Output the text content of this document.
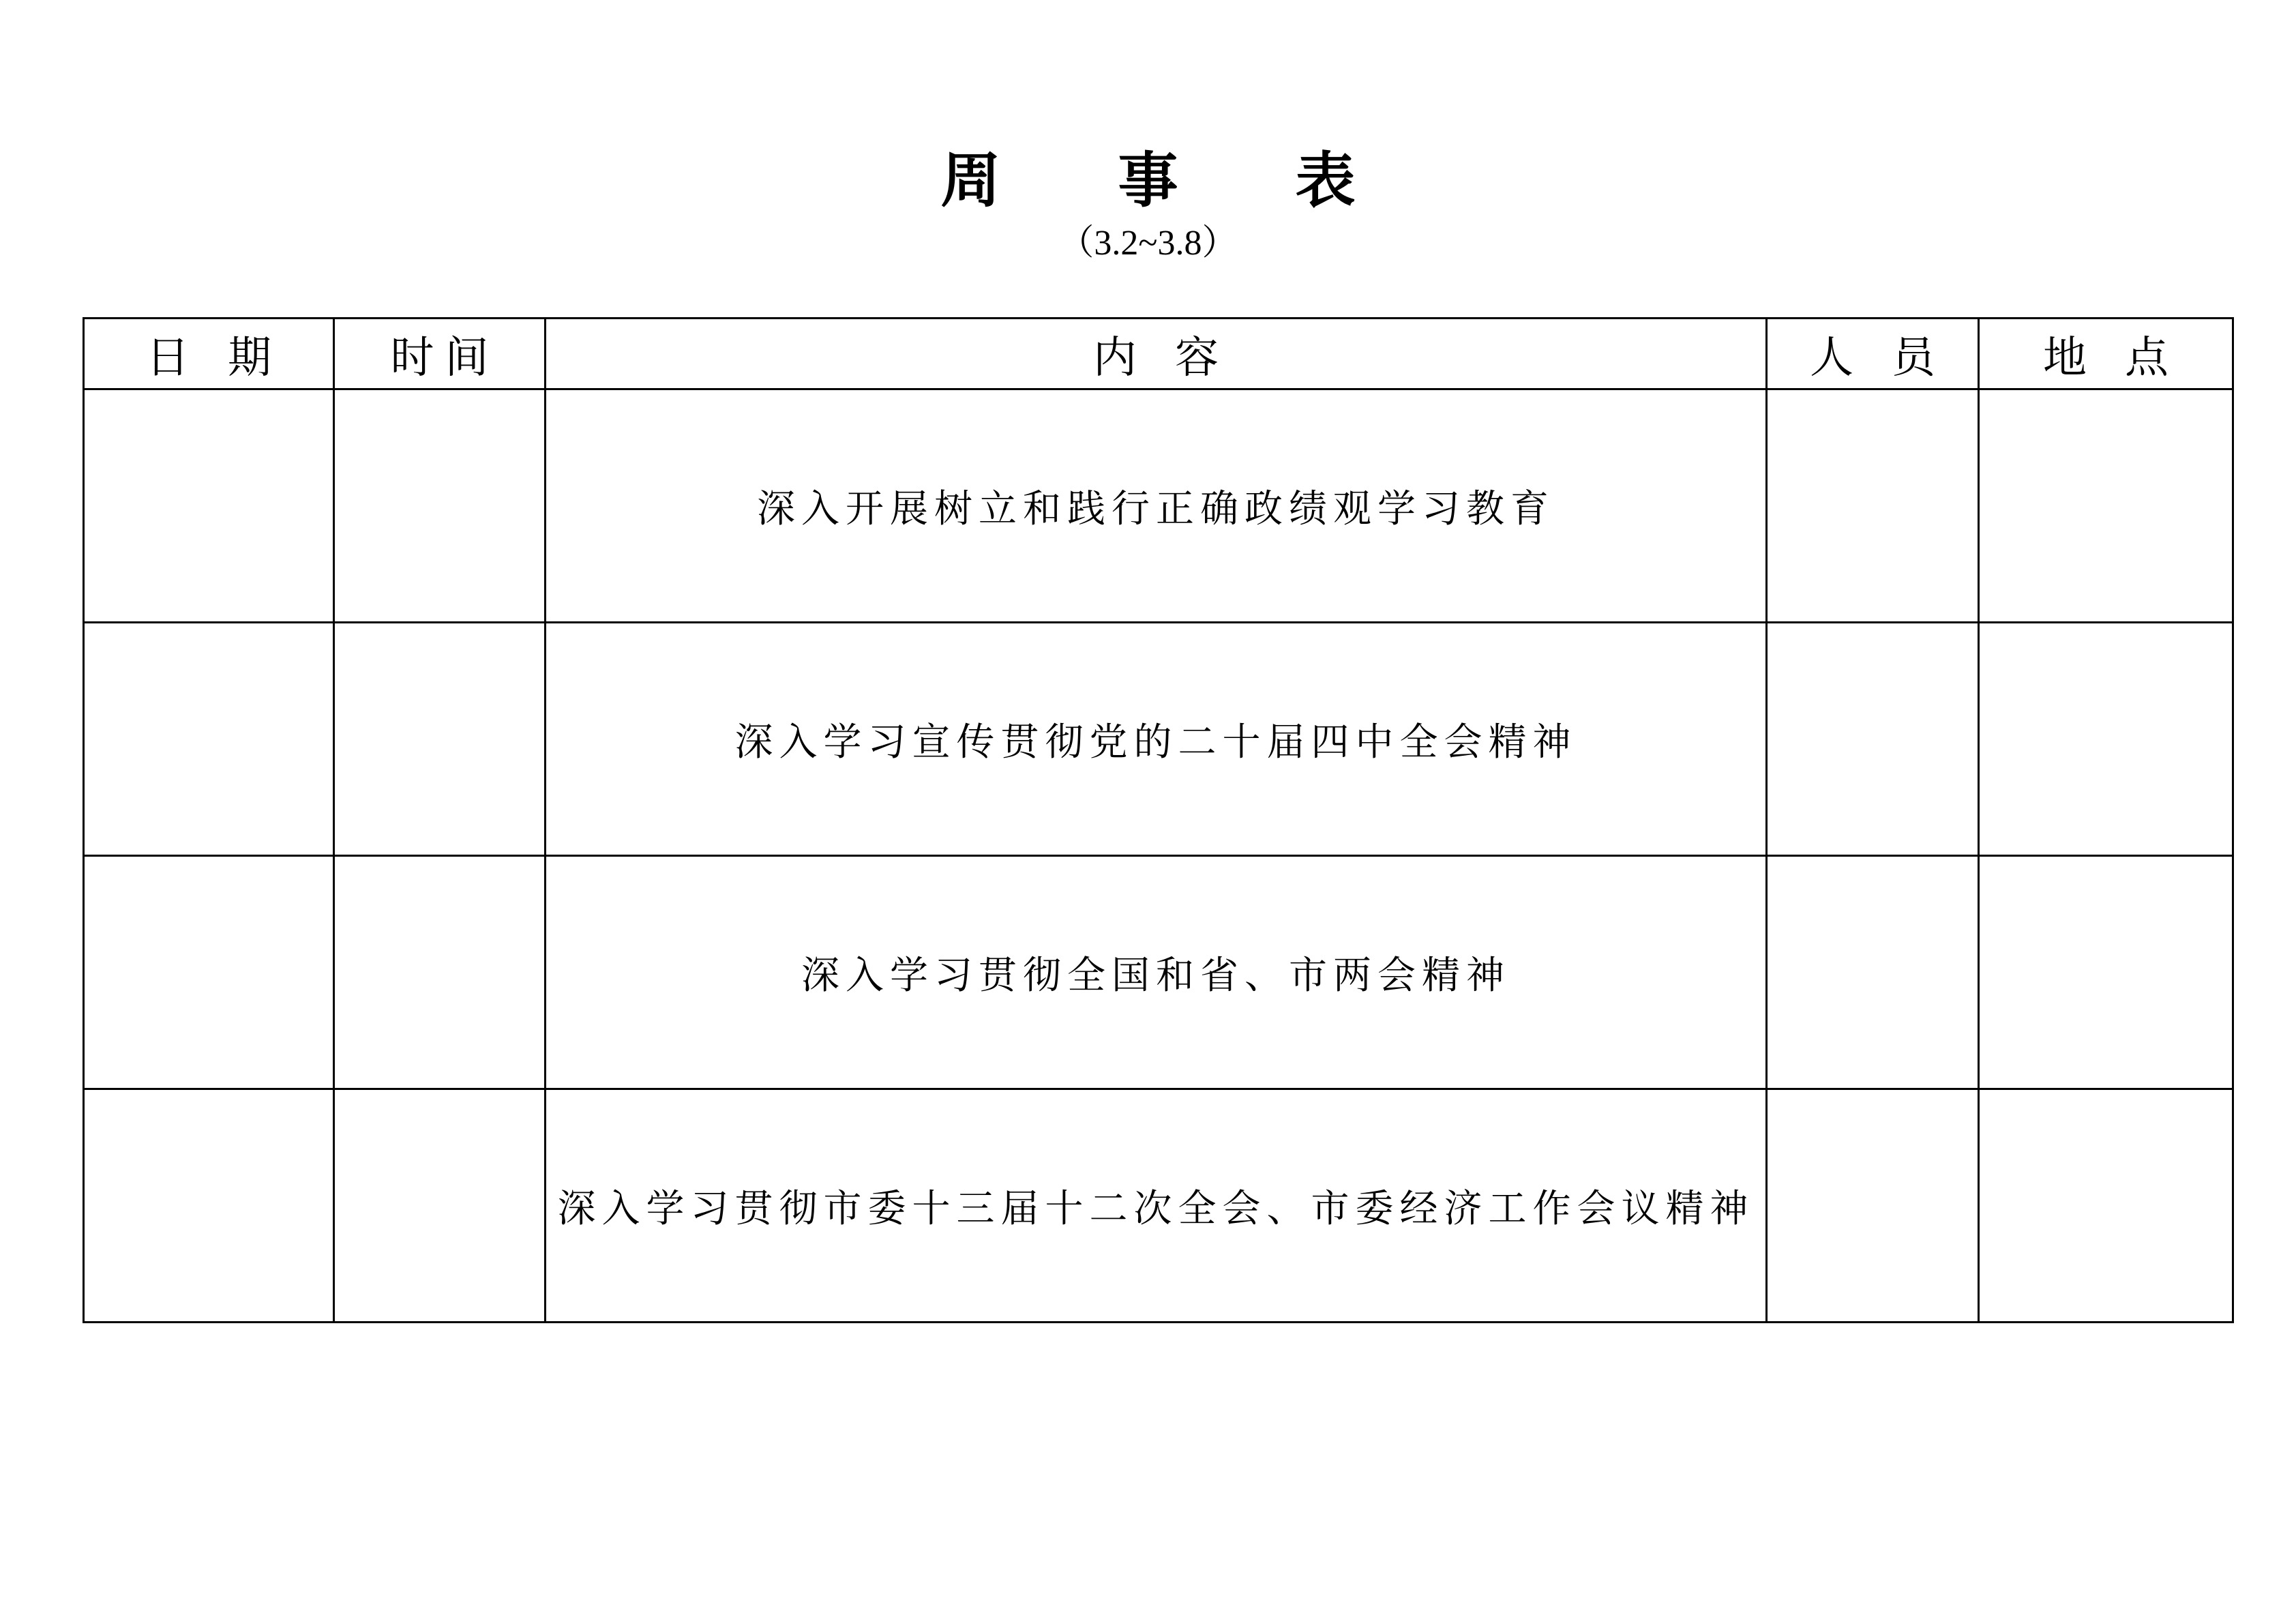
周 事 表
（3.2~3.8）
日 期	时 间	内 容	人 员	地 点
		深入开展树立和践行正确政绩观学习教育		
		深入学习宣传贯彻党的二十届四中全会精神		
		深入学习贯彻全国和省、市两会精神		
		深入学习贯彻市委十三届十二次全会、市委经济工作会议精神		
